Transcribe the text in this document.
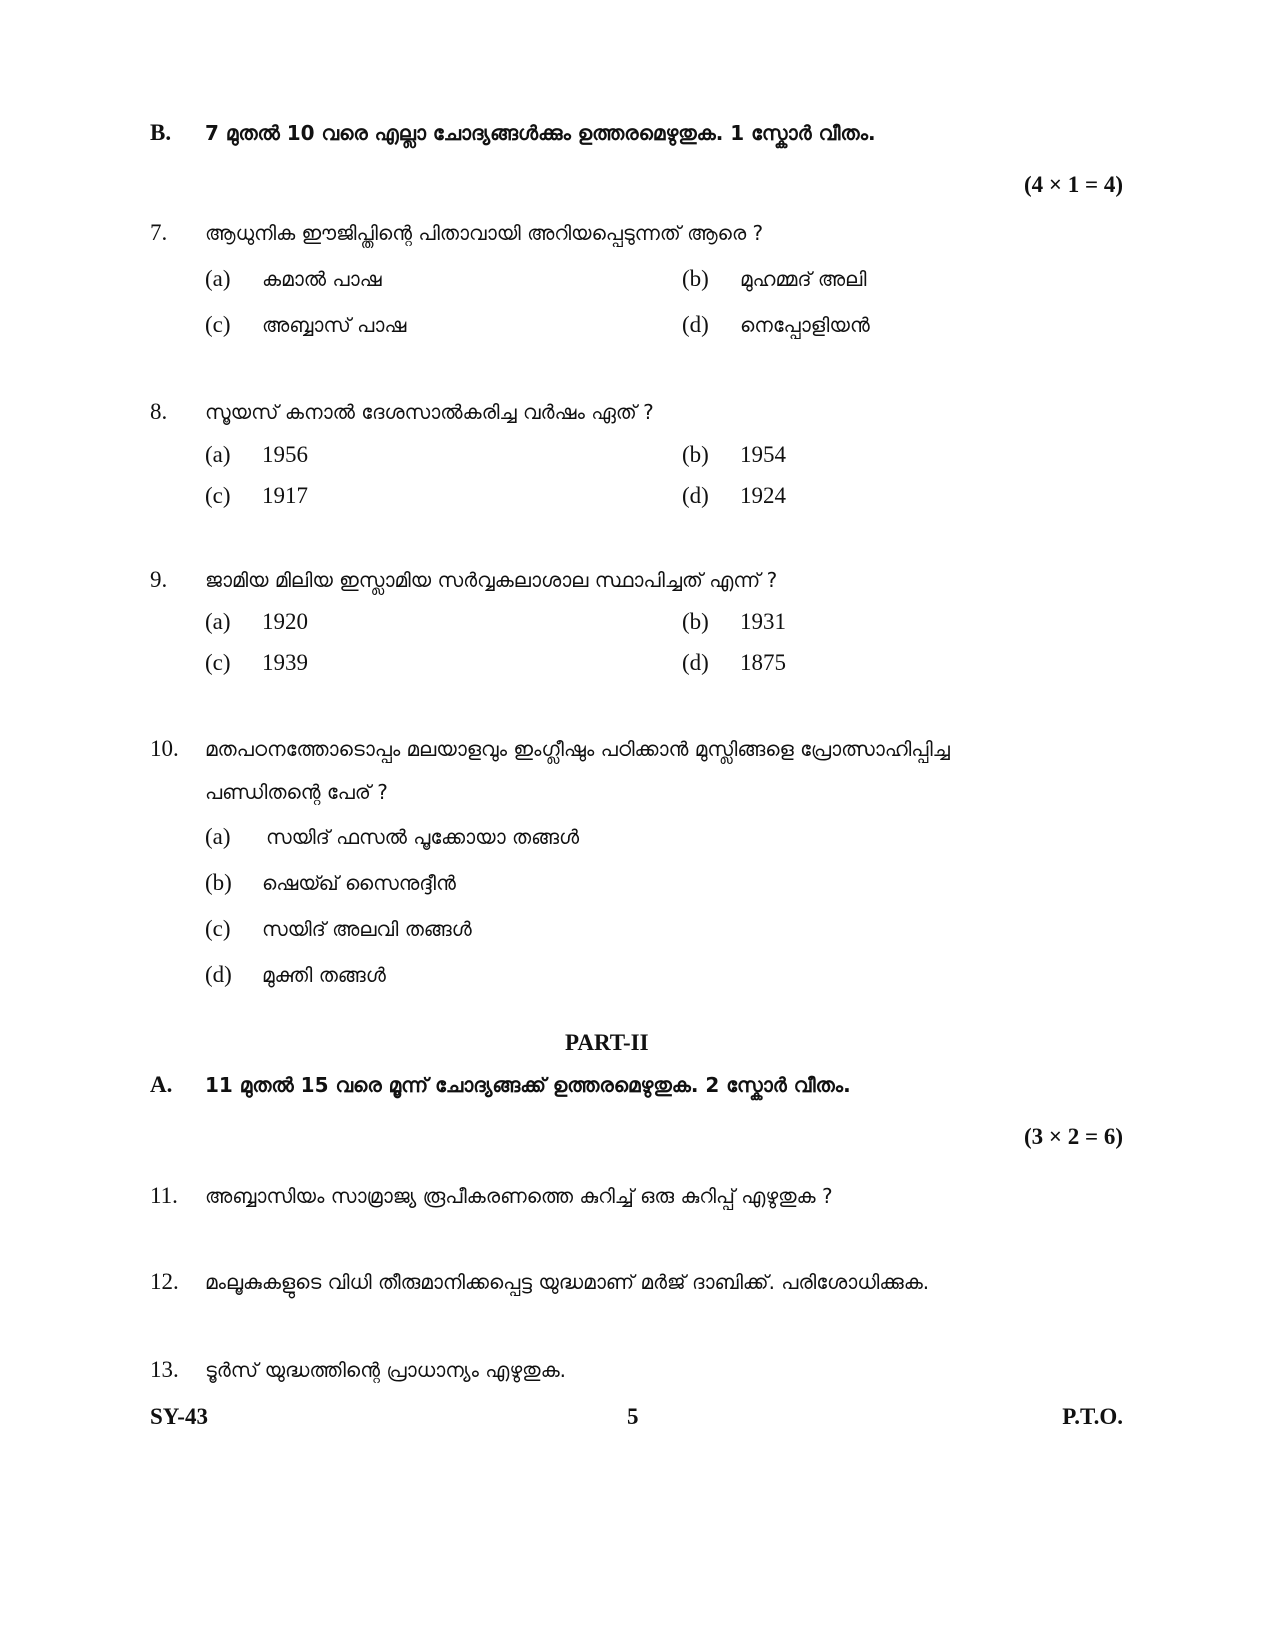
B. 7 മുതൽ 10 വരെ എല്ലാ ചോദ്യങ്ങൾക്കും ഉത്തരമെഴുതുക. 1 സ്കോർ വീതം.
(4 × 1 = 4)
7. ആധുനിക ഈജിപ്തിന്റെ പിതാവായി അറിയപ്പെടുന്നത് ആരെ ?
(a) കമാൽ പാഷ	(b) മുഹമ്മദ് അലി
(c) അബ്ബാസ് പാഷ	(d) നെപ്പോളിയൻ
8. സൂയസ് കനാൽ ദേശസാൽകരിച്ച വർഷം ഏത് ?
(a) 1956	(b) 1954
(c) 1917	(d) 1924
9. ജാമിയ മിലിയ ഇസ്ലാമിയ സർവ്വകലാശാല സ്ഥാപിച്ചത് എന്ന് ?
(a) 1920	(b) 1931
(c) 1939	(d) 1875
10. മതപഠനത്തോടൊപ്പം മലയാളവും ഇംഗ്ലീഷും പഠിക്കാൻ മുസ്ലിങ്ങളെ പ്രോത്സാഹിപ്പിച്ച
പണ്ഡിതന്റെ പേര് ?
(a) സയിദ് ഫസൽ പൂക്കോയാ തങ്ങൾ
(b) ഷെയ്ഖ് സൈനുദ്ദീൻ
(c) സയിദ് അലവി തങ്ങൾ
(d) മുക്തി തങ്ങൾ
PART-II
A. 11 മുതൽ 15 വരെ മൂന്ന് ചോദ്യങ്ങക്ക് ഉത്തരമെഴുതുക. 2 സ്കോർ വീതം.
(3 × 2 = 6)
11. അബ്ബാസിയം സാമ്രാജ്യ രൂപീകരണത്തെ കുറിച്ച് ഒരു കുറിപ്പ് എഴുതുക ?
12. മംലൂകുകളുടെ വിധി തീരുമാനിക്കപ്പെട്ട യുദ്ധമാണ് മർജ് ദാബിക്ക്. പരിശോധിക്കുക.
13. ടൂർസ് യുദ്ധത്തിന്റെ പ്രാധാന്യം എഴുതുക.
SY-43	5	P.T.O.
